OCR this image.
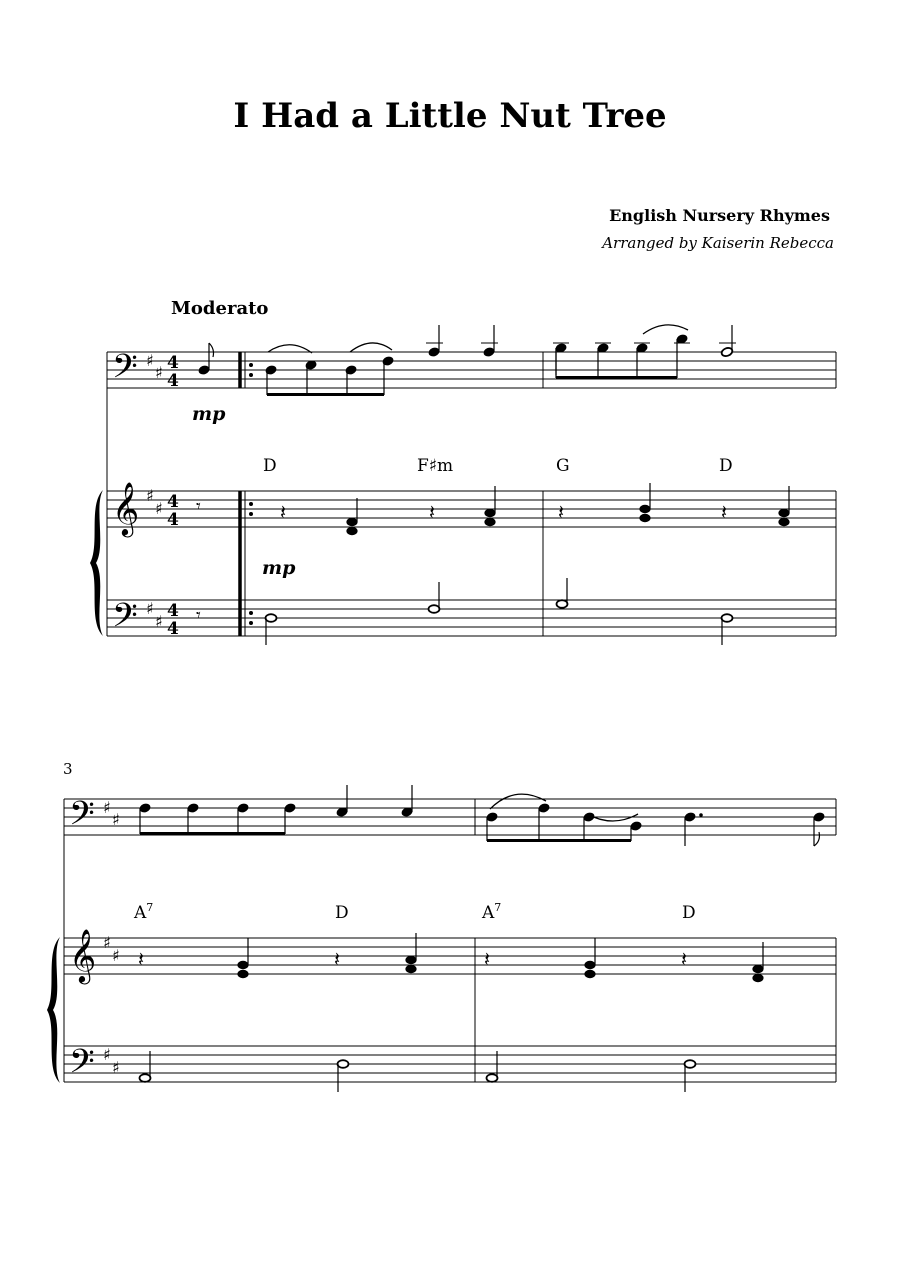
I Had a Little Nut Tree
English Nursery Rhymes
Arranged by Kaiserin Rebecca
Moderato
3
𝄢
𝄞
𝄢
♯
♯
♯
♯
♯
♯
4
4
4
4
4
4
mp
D	F♯m	G	D
𝄾	𝄽	𝄽	𝄽	𝄽
mp
𝄾
𝄢
𝄞
𝄢
♯
♯
♯
♯
♯
♯
$A^7$	D	$A^7$	D
𝄽	𝄽	𝄽	𝄽
